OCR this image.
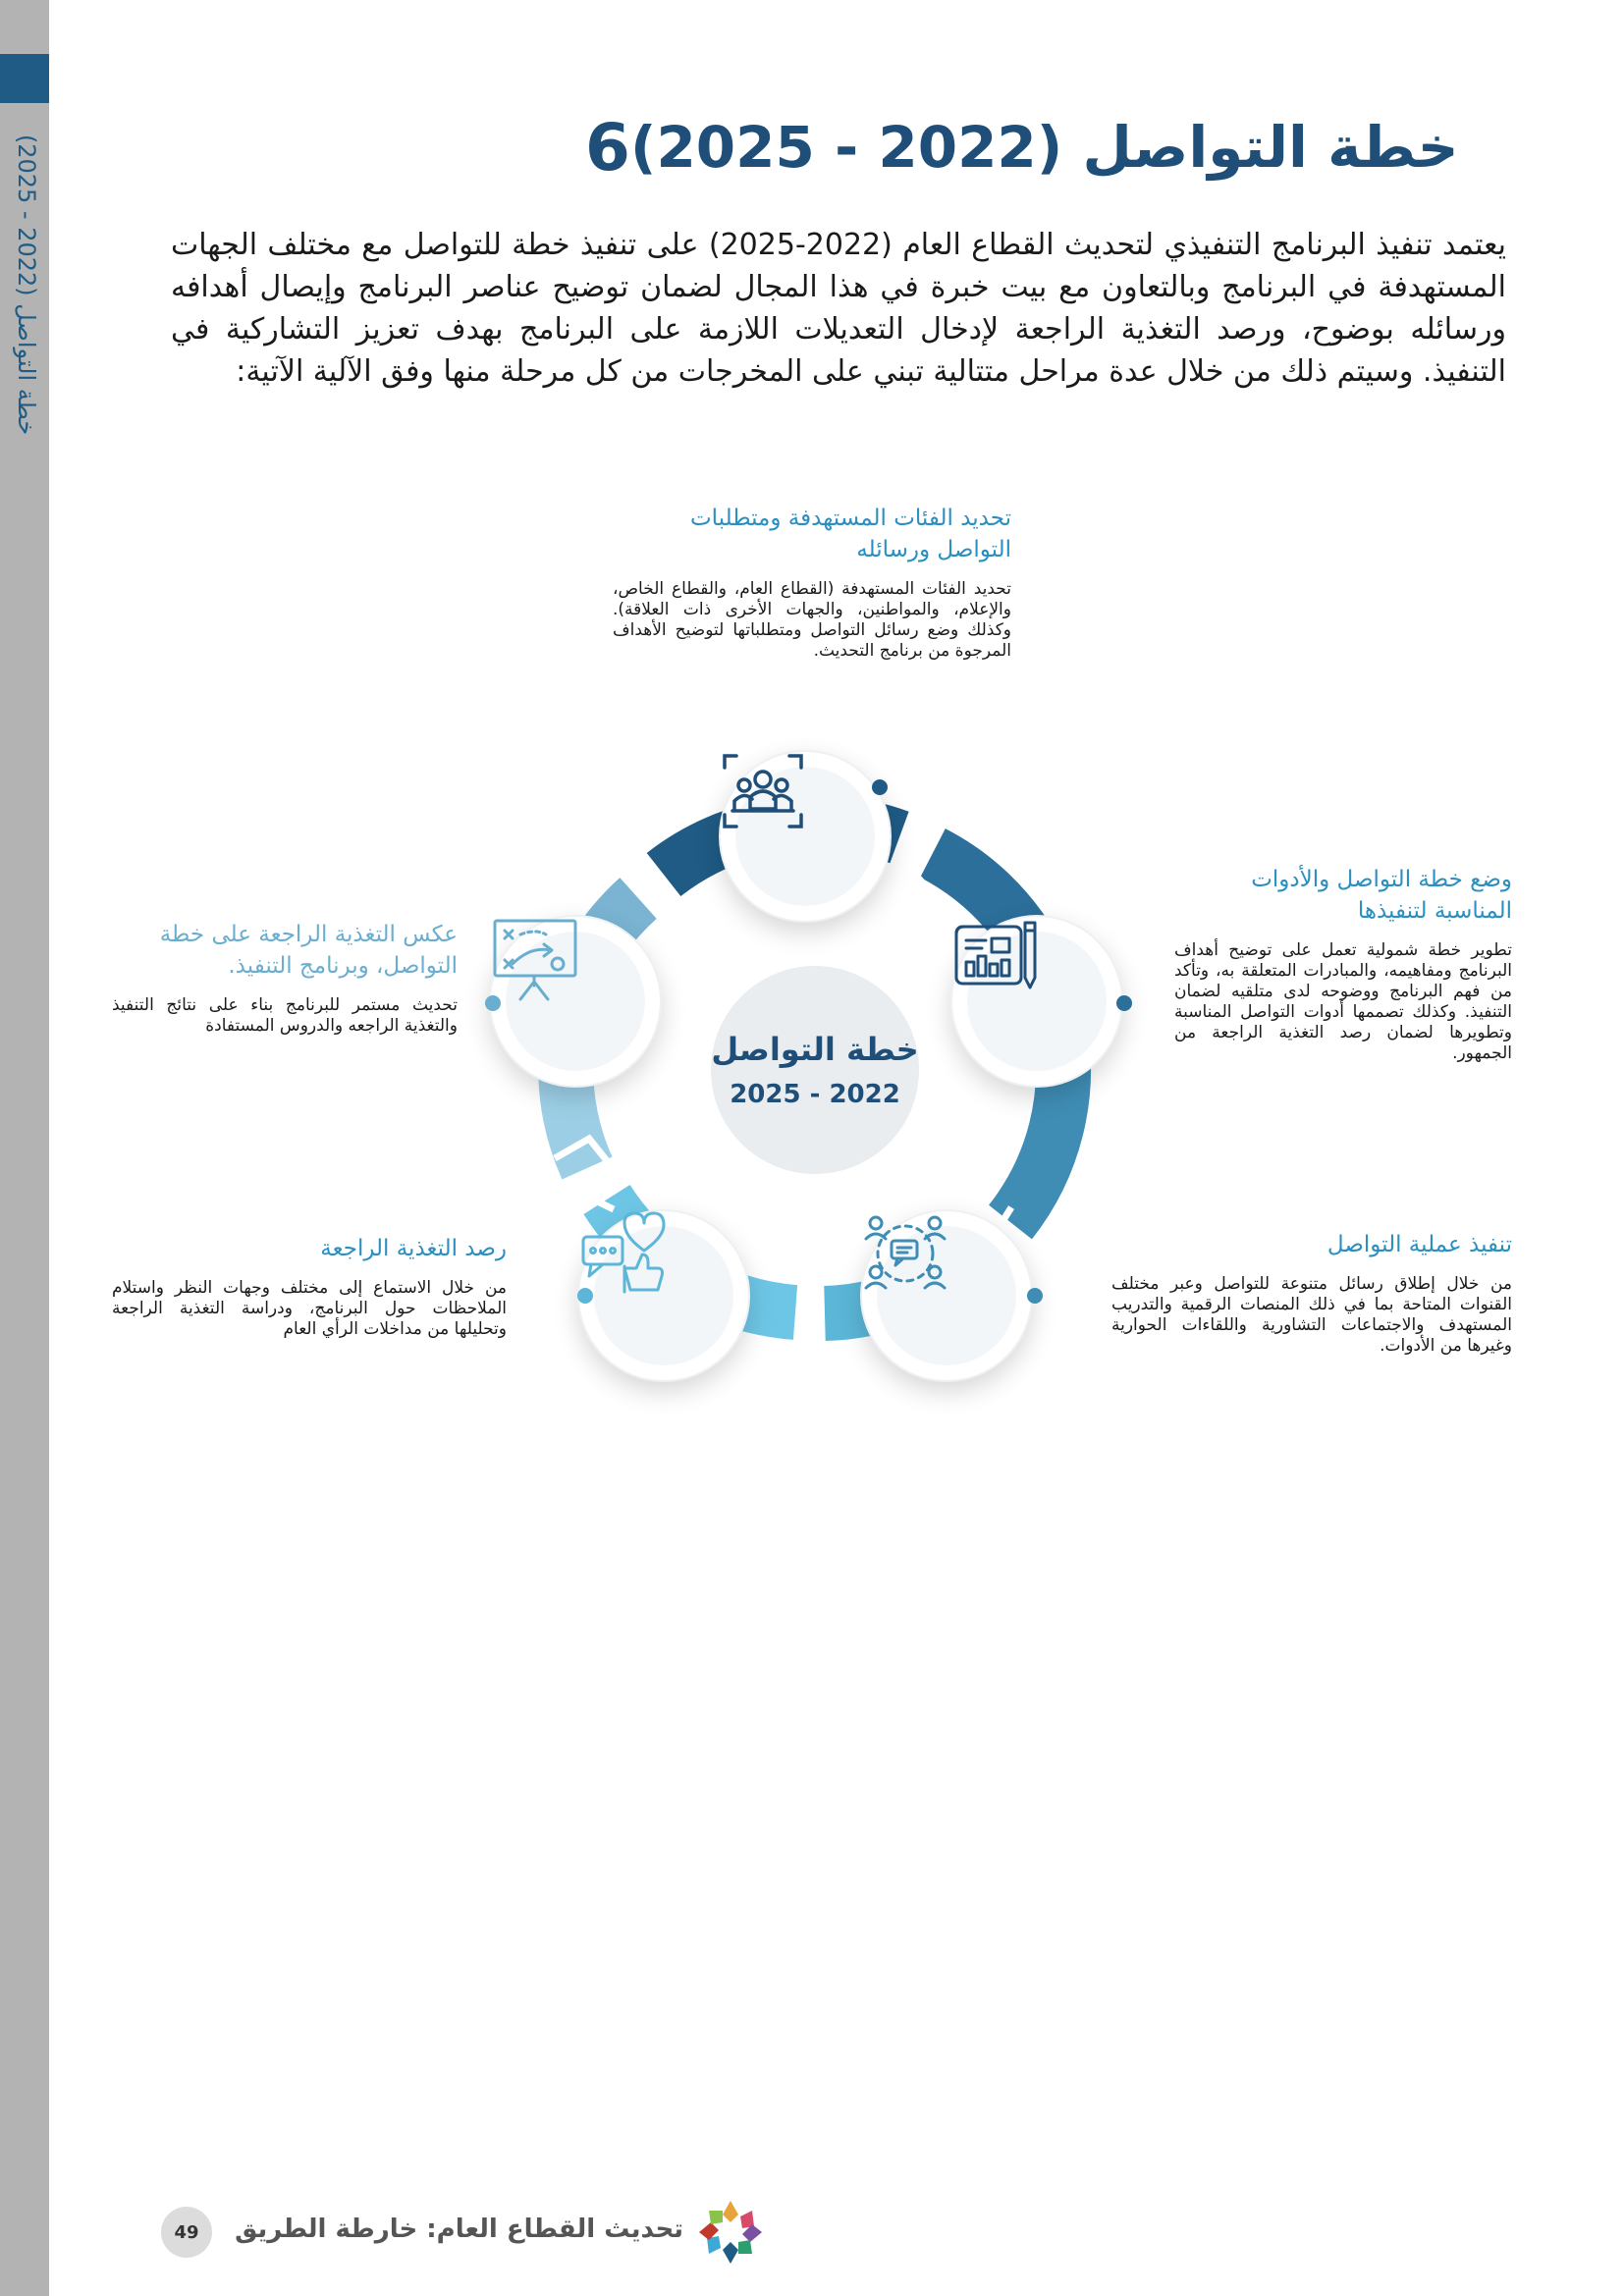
خطة التواصل (2022 - 2025)
6 خطة التواصل (2022 - 2025)

يعتمد تنفيذ البرنامج التنفيذي لتحديث القطاع العام (2022-2025) على تنفيذ خطة للتواصل مع مختلف الجهات المستهدفة في البرنامج وبالتعاون مع بيت خبرة في هذا المجال لضمان توضيح عناصر البرنامج وإيصال أهدافه ورسائله بوضوح، ورصد التغذية الراجعة لإدخال التعديلات اللازمة على البرنامج بهدف تعزيز التشاركية في التنفيذ. وسيتم ذلك من خلال عدة مراحل متتالية تبني على المخرجات من كل مرحلة منها وفق الآلية الآتية:

خطة التواصل
2025 - 2022
تحديد الفئات المستهدفة ومتطلبات التواصل ورسائله
تحديد الفئات المستهدفة (القطاع العام، والقطاع الخاص، والإعلام، والمواطنين، والجهات الأخرى ذات العلاقة). وكذلك وضع رسائل التواصل ومتطلباتها لتوضيح الأهداف المرجوة من برنامج التحديث.
وضع خطة التواصل والأدوات المناسبة لتنفيذها
تطوير خطة شمولية تعمل على توضيح أهداف البرنامج ومفاهيمه، والمبادرات المتعلقة به، وتأكد من فهم البرنامج ووضوحه لدى متلقيه لضمان التنفيذ. وكذلك تصممها أدوات التواصل المناسبة وتطويرها لضمان رصد التغذية الراجعة من الجمهور.
تنفيذ عملية التواصل
من خلال إطلاق رسائل متنوعة للتواصل وعبر مختلف القنوات المتاحة بما في ذلك المنصات الرقمية والتدريب المستهدف والاجتماعات التشاورية واللقاءات الحوارية وغيرها من الأدوات.
رصد التغذية الراجعة
من خلال الاستماع إلى مختلف وجهات النظر واستلام الملاحظات حول البرنامج، ودراسة التغذية الراجعة وتحليلها من مداخلات الرأي العام
عكس التغذية الراجعة على خطة التواصل، وبرنامج التنفيذ.
تحديث مستمر للبرنامج بناء على نتائج التنفيذ والتغذية الراجعه والدروس المستفادة
49	تحديث القطاع العام: خارطة الطريق
